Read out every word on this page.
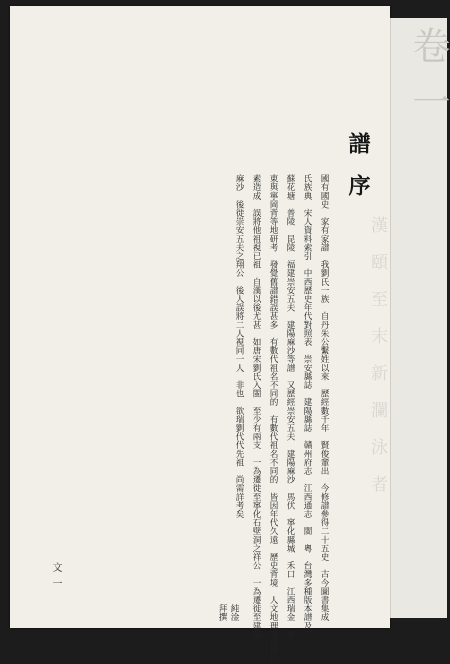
漢頤至末新瀾泳者
譜序
國有國史　家有家譜　我劉氏一族　自丹朱公繫姓以來　歷經數千年　賢俊輩出　今修譜參得二十五史　古今圖書集成
氏族典　宋人資料索引　中西歷史年代對照表　崇安縣誌　建陽縣誌　贛州府志　江西通志　閩　粵　台灣多種版本譜及江
蘇花塘　普陵　昆陵　福建崇安五夫　建陽麻沙等譜　又歷經崇安五夫　建陽麻沙　馬伏　寧化縣城　禾口　江西瑞金　廣
東與寧岡背等地研考　發覺舊譜錯誤甚多　有數代祖名不同的　有數代祖名不同的　皆因年代久遠　歷史背境　人文地理等種種因
素造成　誤將他祖視已祖　自漢以後尤甚　如唐宋劉氏入閩　至少有兩支　一為遷徙至寧化石壁洞之祥公　一為遷徙至建陽
麻沙　後徙崇安五夫之翔公　後人誤將二人視同一人　非也　欲瑞劉代代先祖　尚需詳考矣
純淦拜撰
文一
卷一
